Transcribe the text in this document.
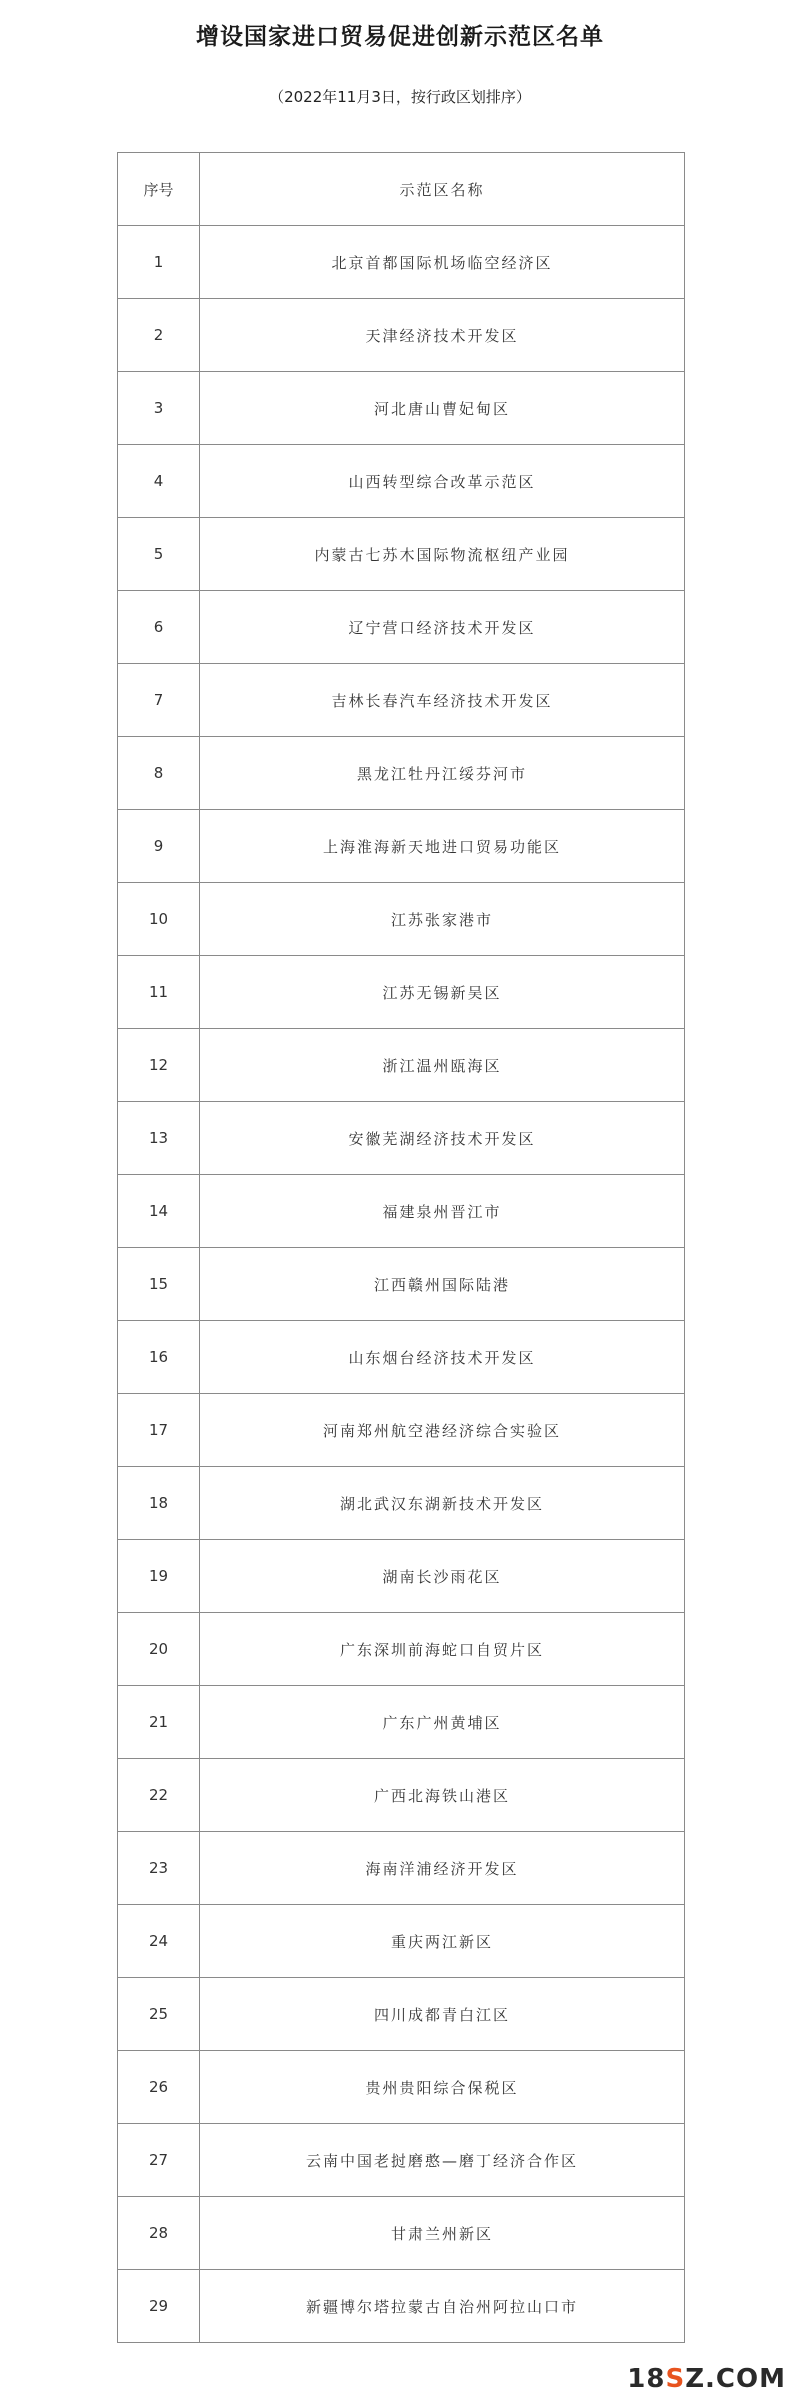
增设国家进口贸易促进创新示范区名单
（2022年11月3日，按行政区划排序）
序号	示范区名称
1	北京首都国际机场临空经济区
2	天津经济技术开发区
3	河北唐山曹妃甸区
4	山西转型综合改革示范区
5	内蒙古七苏木国际物流枢纽产业园
6	辽宁营口经济技术开发区
7	吉林长春汽车经济技术开发区
8	黑龙江牡丹江绥芬河市
9	上海淮海新天地进口贸易功能区
10	江苏张家港市
11	江苏无锡新吴区
12	浙江温州瓯海区
13	安徽芜湖经济技术开发区
14	福建泉州晋江市
15	江西赣州国际陆港
16	山东烟台经济技术开发区
17	河南郑州航空港经济综合实验区
18	湖北武汉东湖新技术开发区
19	湖南长沙雨花区
20	广东深圳前海蛇口自贸片区
21	广东广州黄埔区
22	广西北海铁山港区
23	海南洋浦经济开发区
24	重庆两江新区
25	四川成都青白江区
26	贵州贵阳综合保税区
27	云南中国老挝磨憨—磨丁经济合作区
28	甘肃兰州新区
29	新疆博尔塔拉蒙古自治州阿拉山口市
18SZ.COM
